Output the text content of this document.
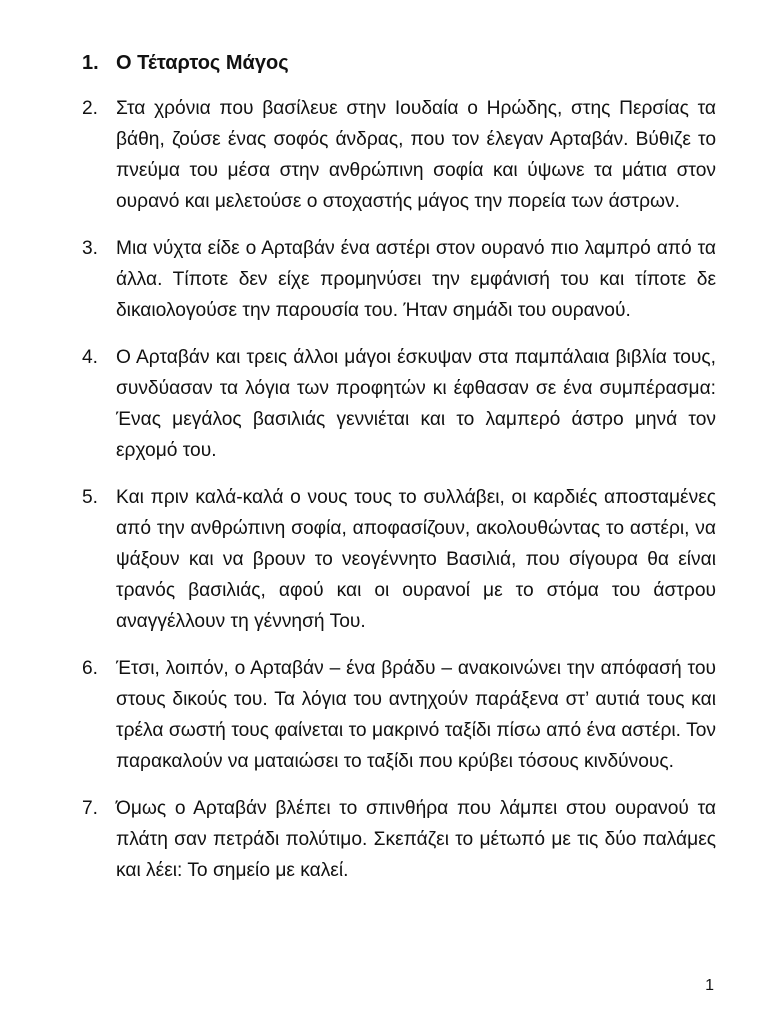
1. Ο Τέταρτος Μάγος
2. Στα χρόνια που βασίλευε στην Ιουδαία ο Ηρώδης, στης Περσίας τα βάθη, ζούσε ένας σοφός άνδρας, που τον έλεγαν Αρταβάν. Βύθιζε το πνεύμα του μέσα στην ανθρώπινη σοφία και ύψωνε τα μάτια στον ουρανό και μελετούσε ο στοχαστής μάγος την πορεία των άστρων.
3. Μια νύχτα είδε ο Αρταβάν ένα αστέρι στον ουρανό πιο λαμπρό από τα άλλα. Τίποτε δεν είχε προμηνύσει την εμφάνισή του και τίποτε δε δικαιολογούσε την παρουσία του. Ήταν σημάδι του ουρανού.
4. Ο Αρταβάν και τρεις άλλοι μάγοι έσκυψαν στα παμπάλαια βιβλία τους, συνδύασαν τα λόγια των προφητών κι έφθασαν σε ένα συμπέρασμα: Ένας μεγάλος βασιλιάς γεννιέται και το λαμπερό άστρο μηνά τον ερχομό του.
5. Και πριν καλά-καλά ο νους τους το συλλάβει, οι καρδιές αποσταμένες από την ανθρώπινη σοφία, αποφασίζουν, ακολουθώντας το αστέρι, να ψάξουν και να βρουν το νεογέννητο Βασιλιά, που σίγουρα θα είναι τρανός βασιλιάς, αφού και οι ουρανοί με το στόμα του άστρου αναγγέλλουν τη γέννησή Του.
6. Έτσι, λοιπόν, ο Αρταβάν – ένα βράδυ – ανακοινώνει την απόφασή του στους δικούς του. Τα λόγια του αντηχούν παράξενα στ’ αυτιά τους και τρέλα σωστή τους φαίνεται το μακρινό ταξίδι πίσω από ένα αστέρι. Τον παρακαλούν να ματαιώσει το ταξίδι που κρύβει τόσους κινδύνους.
7. Όμως ο Αρταβάν βλέπει το σπινθήρα που λάμπει στου ουρανού τα πλάτη σαν πετράδι πολύτιμο. Σκεπάζει το μέτωπό με τις δύο παλάμες και λέει: Το σημείο με καλεί.
1
